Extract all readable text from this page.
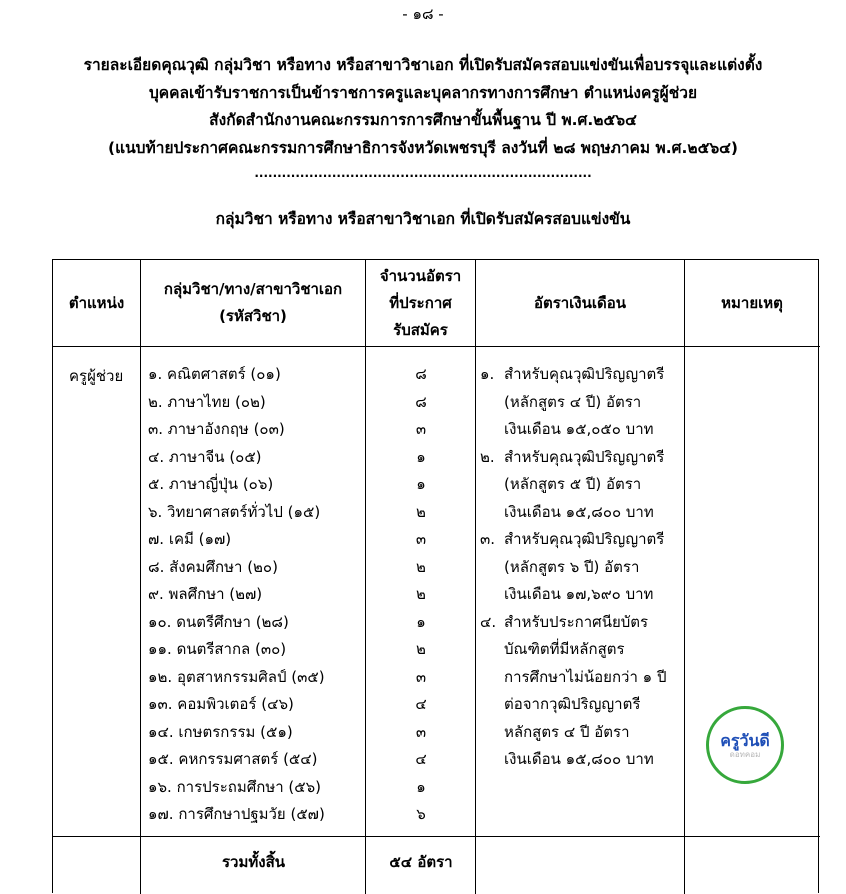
- ๑๘ -
รายละเอียดคุณวุฒิ กลุ่มวิชา หรือทาง หรือสาขาวิชาเอก ที่เปิดรับสมัครสอบแข่งขันเพื่อบรรจุและแต่งตั้ง
บุคคลเข้ารับราชการเป็นข้าราชการครูและบุคลากรทางการศึกษา ตำแหน่งครูผู้ช่วย
สังกัดสำนักงานคณะกรรมการการศึกษาขั้นพื้นฐาน ปี พ.ศ.๒๕๖๔
(แนบท้ายประกาศคณะกรรมการศึกษาธิการจังหวัดเพชรบุรี ลงวันที่ ๒๘ พฤษภาคม พ.ศ.๒๕๖๔)
..........................................................................
กลุ่มวิชา หรือทาง หรือสาขาวิชาเอก ที่เปิดรับสมัครสอบแข่งขัน
ตำแหน่ง
กลุ่มวิชา/ทาง/สาขาวิชาเอก
(รหัสวิชา)
จำนวนอัตรา
ที่ประกาศ
รับสมัคร
อัตราเงินเดือน	หมายเหตุ
ครูผู้ช่วย ๑. คณิตศาสตร์ (๐๑)
๒. ภาษาไทย (๐๒)
๓. ภาษาอังกฤษ (๐๓)
๔. ภาษาจีน (๐๕)
๕. ภาษาญี่ปุ่น (๐๖)
๖. วิทยาศาสตร์ทั่วไป (๑๕)
๗. เคมี (๑๗)
๘. สังคมศึกษา (๒๐)
๙. พลศึกษา (๒๗)
๑๐. ดนตรีศึกษา (๒๘)
๑๑. ดนตรีสากล (๓๐)
๑๒. อุตสาหกรรมศิลป์ (๓๕)
๑๓. คอมพิวเตอร์ (๔๖)
๑๔. เกษตรกรรม (๕๑)
๑๕. คหกรรมศาสตร์ (๕๔)
๑๖. การประถมศึกษา (๕๖)
๑๗. การศึกษาปฐมวัย (๕๗)
๘
๘
๓
๑
๑
๒
๓
๒
๒
๑
๒
๓
๔
๓
๔
๑
๖
๑. สำหรับคุณวุฒิปริญญาตรี
(หลักสูตร ๔ ปี) อัตรา
เงินเดือน ๑๕,๐๕๐ บาท
๒. สำหรับคุณวุฒิปริญญาตรี
(หลักสูตร ๕ ปี) อัตรา
เงินเดือน ๑๕,๘๐๐ บาท
๓. สำหรับคุณวุฒิปริญญาตรี
(หลักสูตร ๖ ปี) อัตรา
เงินเดือน ๑๗,๖๙๐ บาท
๔. สำหรับประกาศนียบัตร
บัณฑิตที่มีหลักสูตร
การศึกษาไม่น้อยกว่า ๑ ปี
ต่อจากวุฒิปริญญาตรี
หลักสูตร ๔ ปี อัตรา
เงินเดือน ๑๕,๘๐๐ บาท
รวมทั้งสิ้น	๕๔ อัตรา
ครูวันดี
ดอทคอม
